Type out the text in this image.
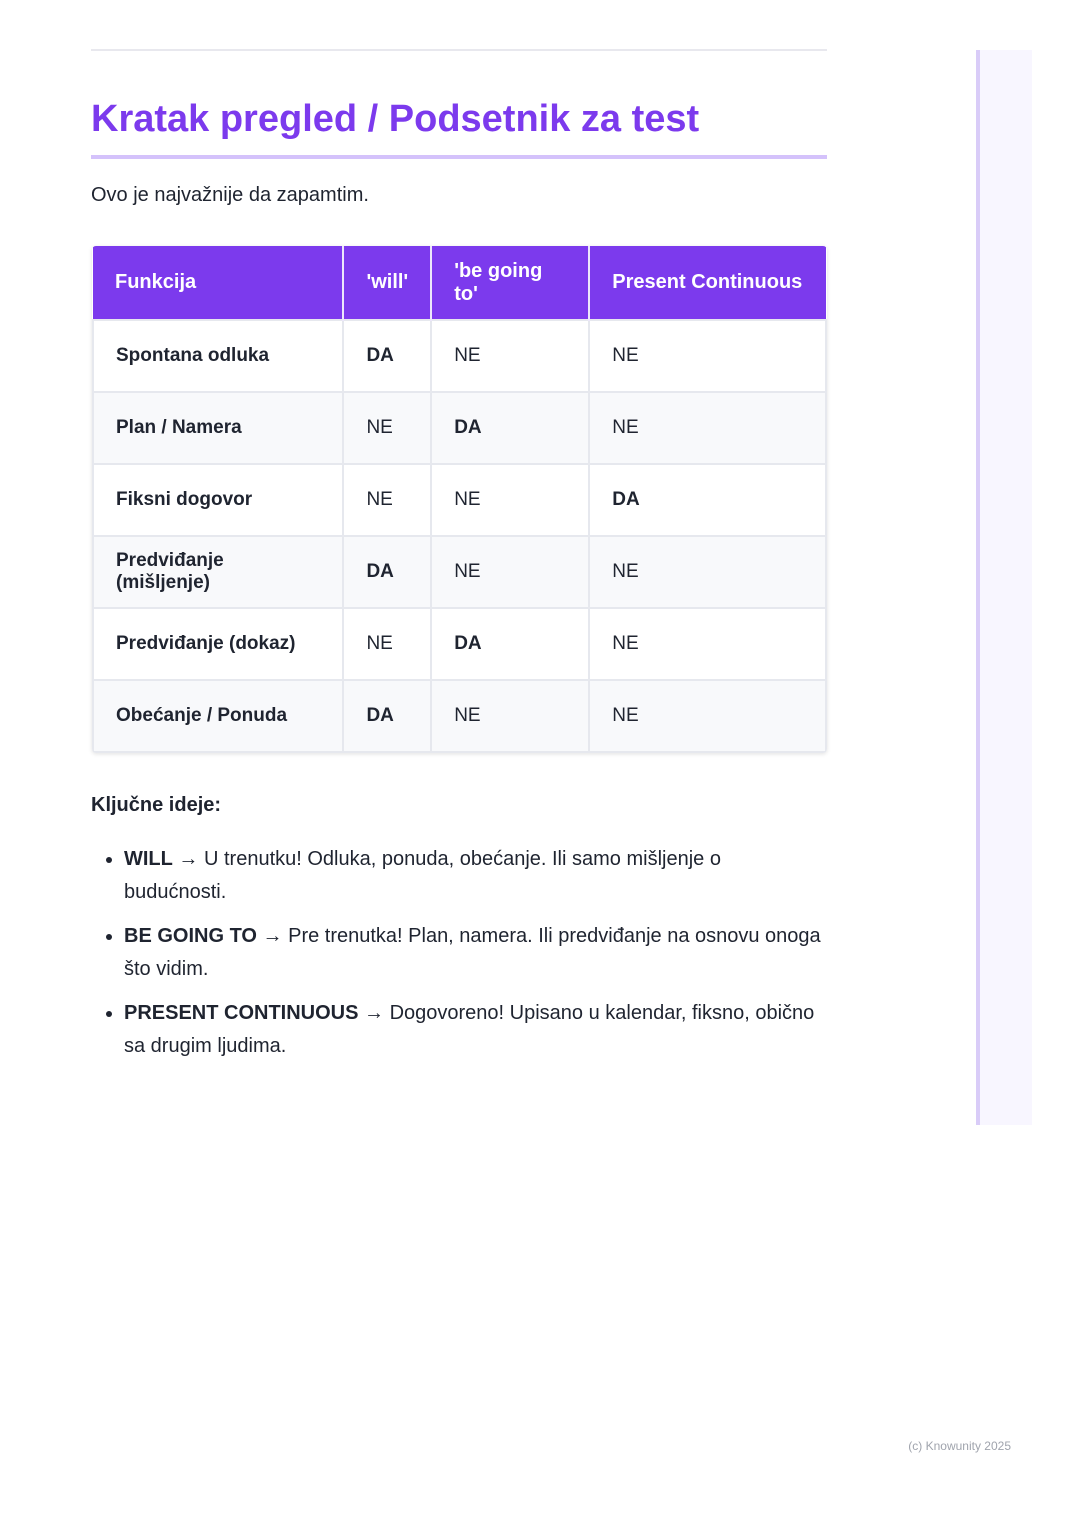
Kratak pregled / Podsetnik za test

Ovo je najvažnije da zapamtim.

Funkcija	'will'	'be going to'	Present Continuous
Spontana odluka	DA	NE	NE
Plan / Namera	NE	DA	NE
Fiksni dogovor	NE	NE	DA
Predviđanje (mišljenje)	DA	NE	NE
Predviđanje (dokaz)	NE	DA	NE
Obećanje / Ponuda	DA	NE	NE

Ključne ideje:

• WILL → U trenutku! Odluka, ponuda, obećanje. Ili samo mišljenje o budućnosti.
• BE GOING TO → Pre trenutka! Plan, namera. Ili predviđanje na osnovu onoga što vidim.
• PRESENT CONTINUOUS → Dogovoreno! Upisano u kalendar, fiksno, obično sa drugim ljudima.
(c) Knowunity 2025
